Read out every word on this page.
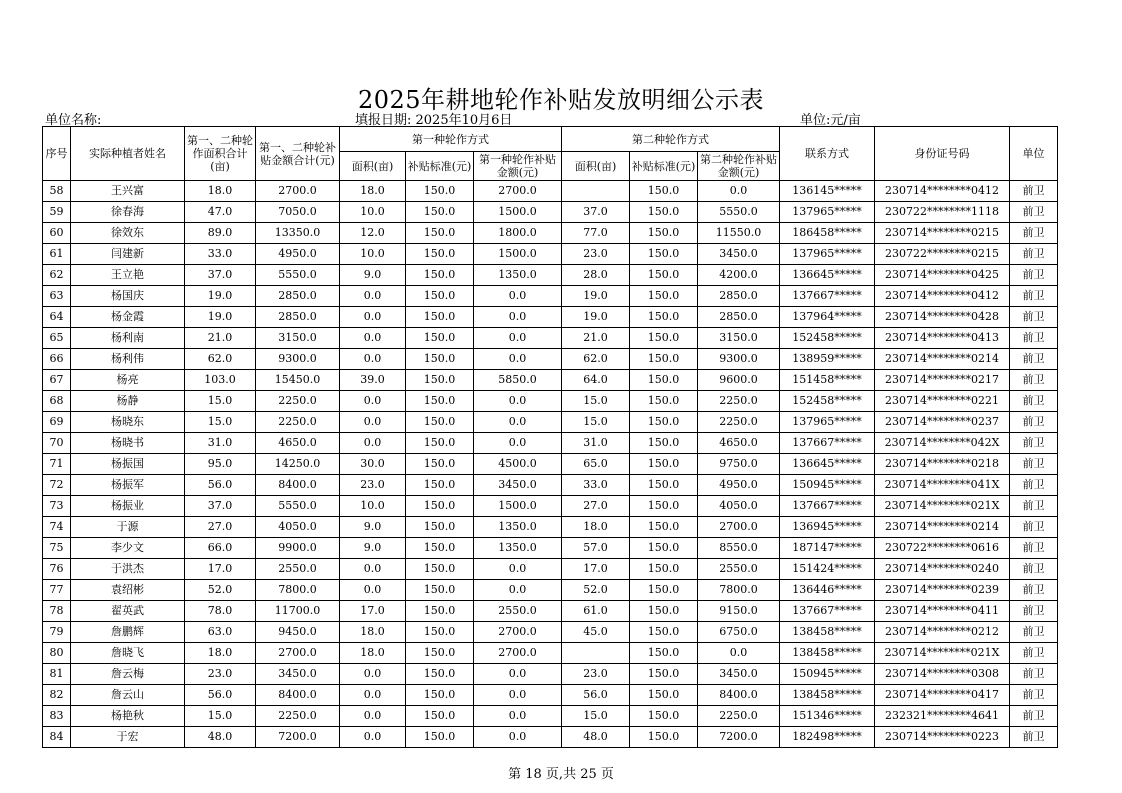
2025年耕地轮作补贴发放明细公示表
单位名称:	填报日期: 2025年10月6日	单位:元/亩
序号	实际种植者姓名	第一、二种轮作面积合计(亩)	第一、二种轮补贴金额合计(元)	第一种轮作方式			第二种轮作方式			联系方式	身份证号码	单位
				面积(亩)	补贴标准(元)	第一种轮作补贴金额(元)	面积(亩)	补贴标准(元)	第二种轮作补贴金额(元)			
58	王兴富	18.0	2700.0	18.0	150.0	2700.0		150.0	0.0	136145*****	230714********0412	前卫
59	徐春海	47.0	7050.0	10.0	150.0	1500.0	37.0	150.0	5550.0	137965*****	230722********1118	前卫
60	徐效东	89.0	13350.0	12.0	150.0	1800.0	77.0	150.0	11550.0	186458*****	230714********0215	前卫
61	闫建新	33.0	4950.0	10.0	150.0	1500.0	23.0	150.0	3450.0	137965*****	230722********0215	前卫
62	王立艳	37.0	5550.0	9.0	150.0	1350.0	28.0	150.0	4200.0	136645*****	230714********0425	前卫
63	杨国庆	19.0	2850.0	0.0	150.0	0.0	19.0	150.0	2850.0	137667*****	230714********0412	前卫
64	杨金霞	19.0	2850.0	0.0	150.0	0.0	19.0	150.0	2850.0	137964*****	230714********0428	前卫
65	杨利南	21.0	3150.0	0.0	150.0	0.0	21.0	150.0	3150.0	152458*****	230714********0413	前卫
66	杨利伟	62.0	9300.0	0.0	150.0	0.0	62.0	150.0	9300.0	138959*****	230714********0214	前卫
67	杨亮	103.0	15450.0	39.0	150.0	5850.0	64.0	150.0	9600.0	151458*****	230714********0217	前卫
68	杨静	15.0	2250.0	0.0	150.0	0.0	15.0	150.0	2250.0	152458*****	230714********0221	前卫
69	杨晓东	15.0	2250.0	0.0	150.0	0.0	15.0	150.0	2250.0	137965*****	230714********0237	前卫
70	杨晓书	31.0	4650.0	0.0	150.0	0.0	31.0	150.0	4650.0	137667*****	230714********042X	前卫
71	杨振国	95.0	14250.0	30.0	150.0	4500.0	65.0	150.0	9750.0	136645*****	230714********0218	前卫
72	杨振军	56.0	8400.0	23.0	150.0	3450.0	33.0	150.0	4950.0	150945*****	230714********041X	前卫
73	杨振业	37.0	5550.0	10.0	150.0	1500.0	27.0	150.0	4050.0	137667*****	230714********021X	前卫
74	于源	27.0	4050.0	9.0	150.0	1350.0	18.0	150.0	2700.0	136945*****	230714********0214	前卫
75	李少文	66.0	9900.0	9.0	150.0	1350.0	57.0	150.0	8550.0	187147*****	230722********0616	前卫
76	于洪杰	17.0	2550.0	0.0	150.0	0.0	17.0	150.0	2550.0	151424*****	230714********0240	前卫
77	袁绍彬	52.0	7800.0	0.0	150.0	0.0	52.0	150.0	7800.0	136446*****	230714********0239	前卫
78	翟英武	78.0	11700.0	17.0	150.0	2550.0	61.0	150.0	9150.0	137667*****	230714********0411	前卫
79	詹鹏辉	63.0	9450.0	18.0	150.0	2700.0	45.0	150.0	6750.0	138458*****	230714********0212	前卫
80	詹晓飞	18.0	2700.0	18.0	150.0	2700.0		150.0	0.0	138458*****	230714********021X	前卫
81	詹云梅	23.0	3450.0	0.0	150.0	0.0	23.0	150.0	3450.0	150945*****	230714********0308	前卫
82	詹云山	56.0	8400.0	0.0	150.0	0.0	56.0	150.0	8400.0	138458*****	230714********0417	前卫
83	杨艳秋	15.0	2250.0	0.0	150.0	0.0	15.0	150.0	2250.0	151346*****	232321********4641	前卫
84	于宏	48.0	7200.0	0.0	150.0	0.0	48.0	150.0	7200.0	182498*****	230714********0223	前卫
第 18 页,共 25 页
